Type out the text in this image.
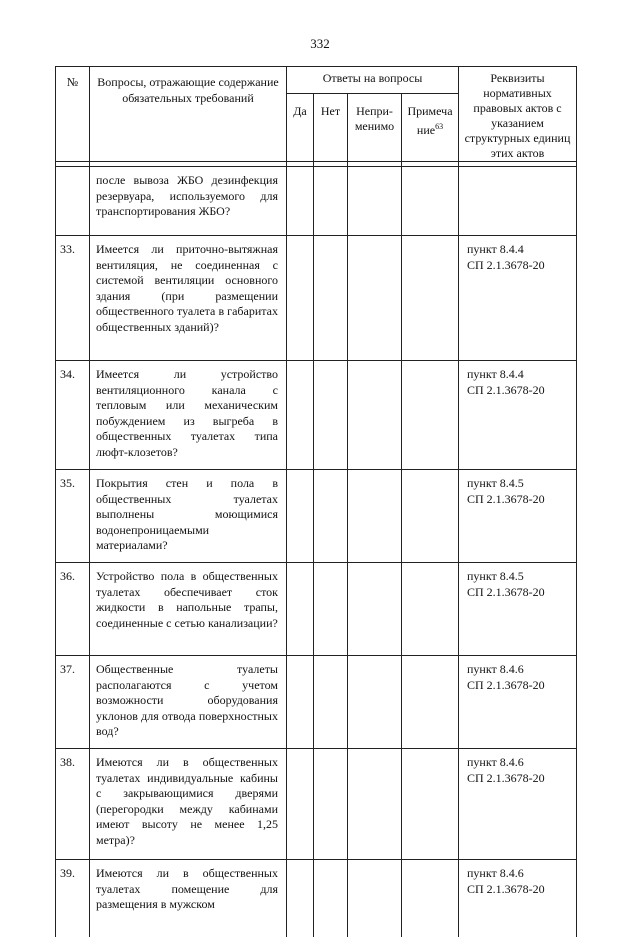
332
№	Вопросы, отражающие содержание обязательных требований	Ответы на вопросы				Реквизиты нормативных правовых актов с указанием структурных единиц этих актов
		Да	Нет	Непри-менимо	Примеча ние$^{63}$

	после вывоза ЖБО дезинфекция резервуара, используемого для транспортирования ЖБО?					
33.	Имеется ли приточно-вытяжная вентиляция, не соединенная с системой вентиляции основного здания (при размещении общественного туалета в габаритах общественных зданий)?					пункт 8.4.4
СП 2.1.3678-20

34.	Имеется ли устройство вентиляционного канала с тепловым или механическим побуждением из выгреба в общественных туалетах типа люфт-клозетов?					пункт 8.4.4
СП 2.1.3678-20

35.	Покрытия стен и пола в общественных туалетах выполнены моющимися водонепроницаемыми материалами?					пункт 8.4.5
СП 2.1.3678-20

36.	Устройство пола в общественных туалетах обеспечивает сток жидкости в напольные трапы, соединенные с сетью канализации?					пункт 8.4.5
СП 2.1.3678-20

37.	Общественные туалеты располагаются с учетом возможности оборудования уклонов для отвода поверхностных вод?					пункт 8.4.6
СП 2.1.3678-20

38.	Имеются ли в общественных туалетах индивидуальные кабины с закрывающимися дверями (перегородки между кабинами имеют высоту не менее 1,25 метра)?					пункт 8.4.6
СП 2.1.3678-20

39.	Имеются ли в общественных туалетах помещение для размещения в мужском					пункт 8.4.6
СП 2.1.3678-20
